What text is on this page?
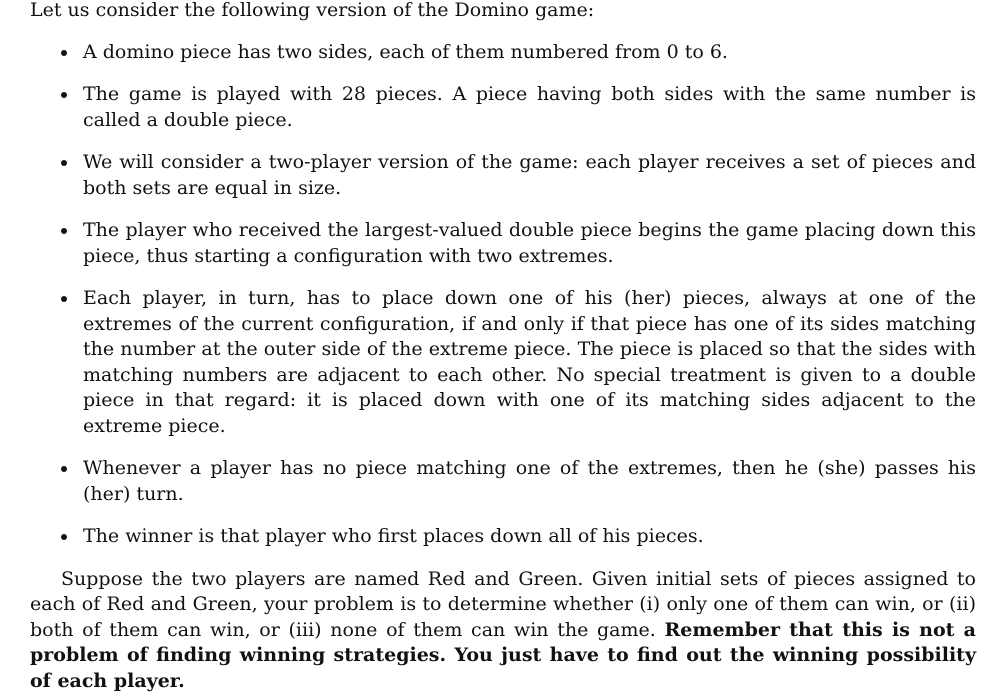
Let us consider the following version of the Domino game:

A domino piece has two sides, each of them numbered from 0 to 6.
The game is played with 28 pieces. A piece having both sides with the same number is called a double piece.
We will consider a two-player version of the game: each player receives a set of pieces and both sets are equal in size.
The player who received the largest-valued double piece begins the game placing down this piece, thus starting a configuration with two extremes.
Each player, in turn, has to place down one of his (her) pieces, always at one of the extremes of the current configuration, if and only if that piece has one of its sides matching the number at the outer side of the extreme piece. The piece is placed so that the sides with matching numbers are adjacent to each other. No special treatment is given to a double piece in that regard: it is placed down with one of its matching sides adjacent to the extreme piece.
Whenever a player has no piece matching one of the extremes, then he (she) passes his (her) turn.
The winner is that player who first places down all of his pieces.

Suppose the two players are named Red and Green. Given initial sets of pieces assigned to each of Red and Green, your problem is to determine whether (i) only one of them can win, or (ii) both of them can win, or (iii) none of them can win the game. Remember that this is not a problem of finding winning strategies. You just have to find out the winning possibility of each player.
